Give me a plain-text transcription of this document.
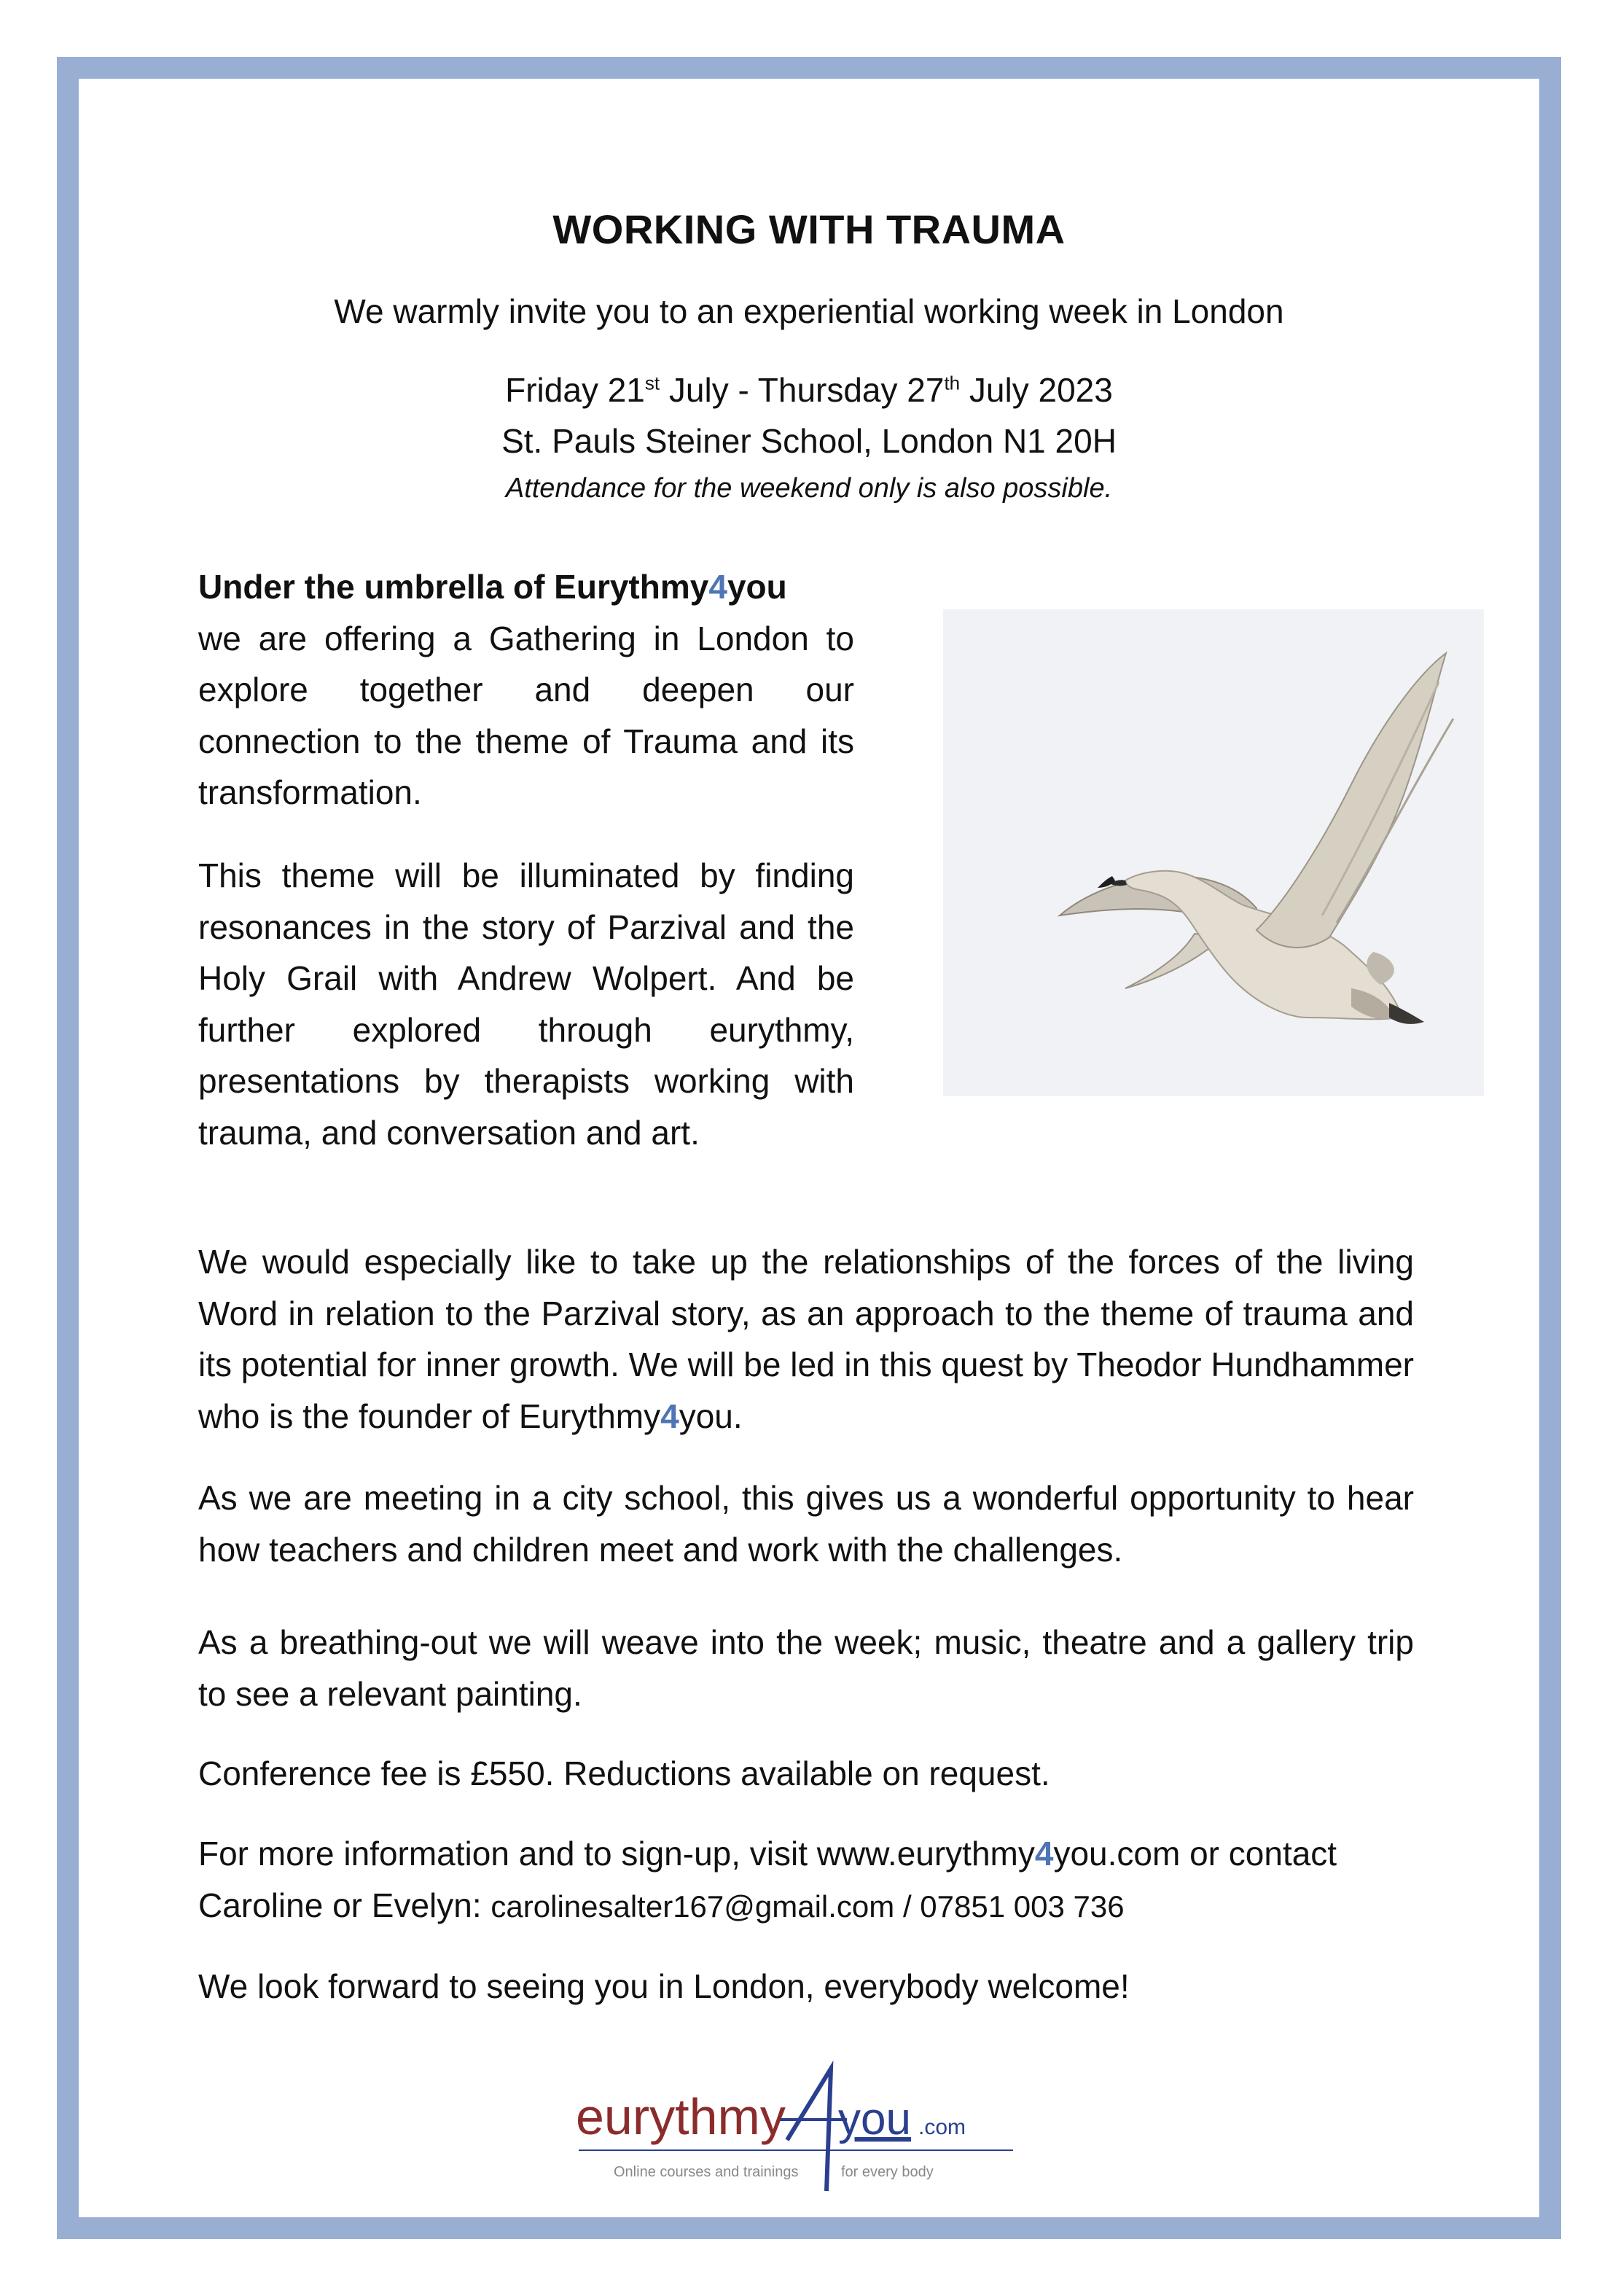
WORKING WITH TRAUMA
We warmly invite you to an experiential working week in London
Friday 21st July - Thursday 27th July 2023
St. Pauls Steiner School, London N1 20H
Attendance for the weekend only is also possible.

Under the umbrella of Eurythmy4you
we are offering a Gathering in London to explore together and deepen our connection to the theme of Trauma and its transformation.

This theme will be illuminated by finding resonances in the story of Parzival and the Holy Grail with Andrew Wolpert. And be further explored through eurythmy, presentations by therapists working with trauma, and conversation and art.

We would especially like to take up the relationships of the forces of the living Word in relation to the Parzival story, as an approach to the theme of trauma and its potential for inner growth. We will be led in this quest by Theodor Hundhammer who is the founder of Eurythmy4you.

As we are meeting in a city school, this gives us a wonderful opportunity to hear how teachers and children meet and work with the challenges.

As a breathing-out we will weave into the week; music, theatre and a gallery trip to see a relevant painting.

Conference fee is £550. Reductions available on request.

For more information and to sign-up, visit www.eurythmy4you.com or contact Caroline or Evelyn: carolinesalter167@gmail.com / 07851 003 736

We look forward to seeing you in London, everybody welcome!

eurythmy you .com
Online courses and trainings	for every body
